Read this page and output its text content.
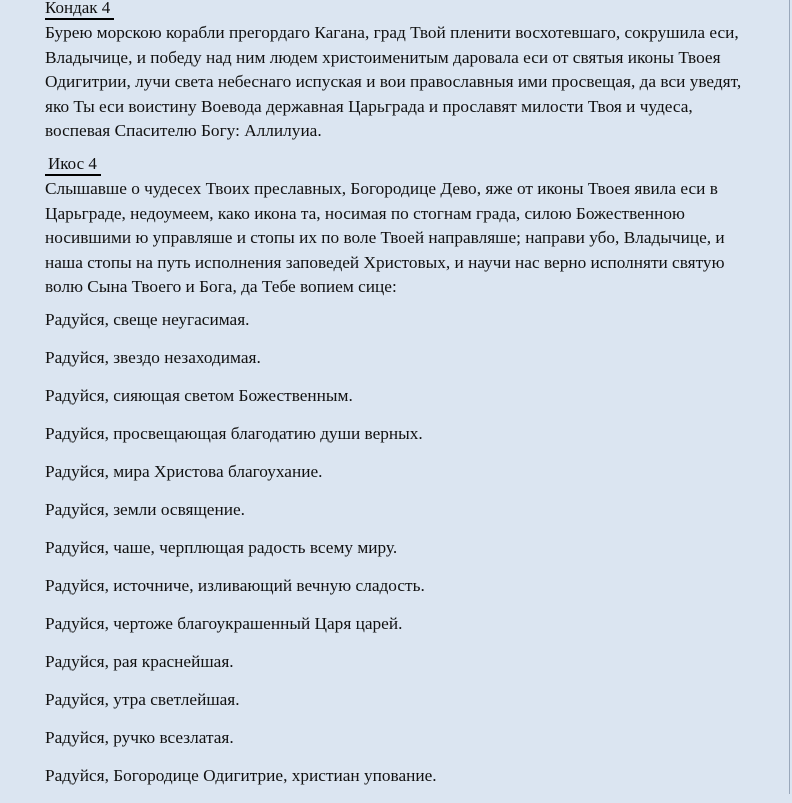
Кондак 4

Бурею морскою корабли прегордаго Кагана, град Твой пленити восхотевшаго, сокрушила еси, Владычице, и победу над ним людем христоименитым даровала еси от святыя иконы Твоея Одигитрии, лучи света небеснаго испуская и вои православныя ими просвещая, да вси уведят, яко Ты еси воистину Воевода державная Царьграда и прославят милости Твоя и чудеса, воспевая Спасителю Богу: Аллилуиа.

Икос 4

Слышавше о чудесех Твоих преславных, Богородице Дево, яже от иконы Твоея явила еси в Царьграде, недоумеем, како икона та, носимая по стогнам града, силою Божественною носившими ю управляше и стопы их по воле Твоей направляше; направи убо, Владычице, и наша стопы на путь исполнения заповедей Христовых, и научи нас верно исполняти святую волю Сына Твоего и Бога, да Тебе вопием сице:

Радуйся, свеще неугасимая.
Радуйся, звездо незаходимая.
Радуйся, сияющая светом Божественным.
Радуйся, просвещающая благодатию души верных.
Радуйся, мира Христова благоухание.
Радуйся, земли освящение.
Радуйся, чаше, черплющая радость всему миру.
Радуйся, источниче, изливающий вечную сладость.
Радуйся, чертоже благоукрашенный Царя царей.
Радуйся, рая краснейшая.
Радуйся, утра светлейшая.
Радуйся, ручко всезлатая.
Радуйся, Богородице Одигитрие, христиан упование.
